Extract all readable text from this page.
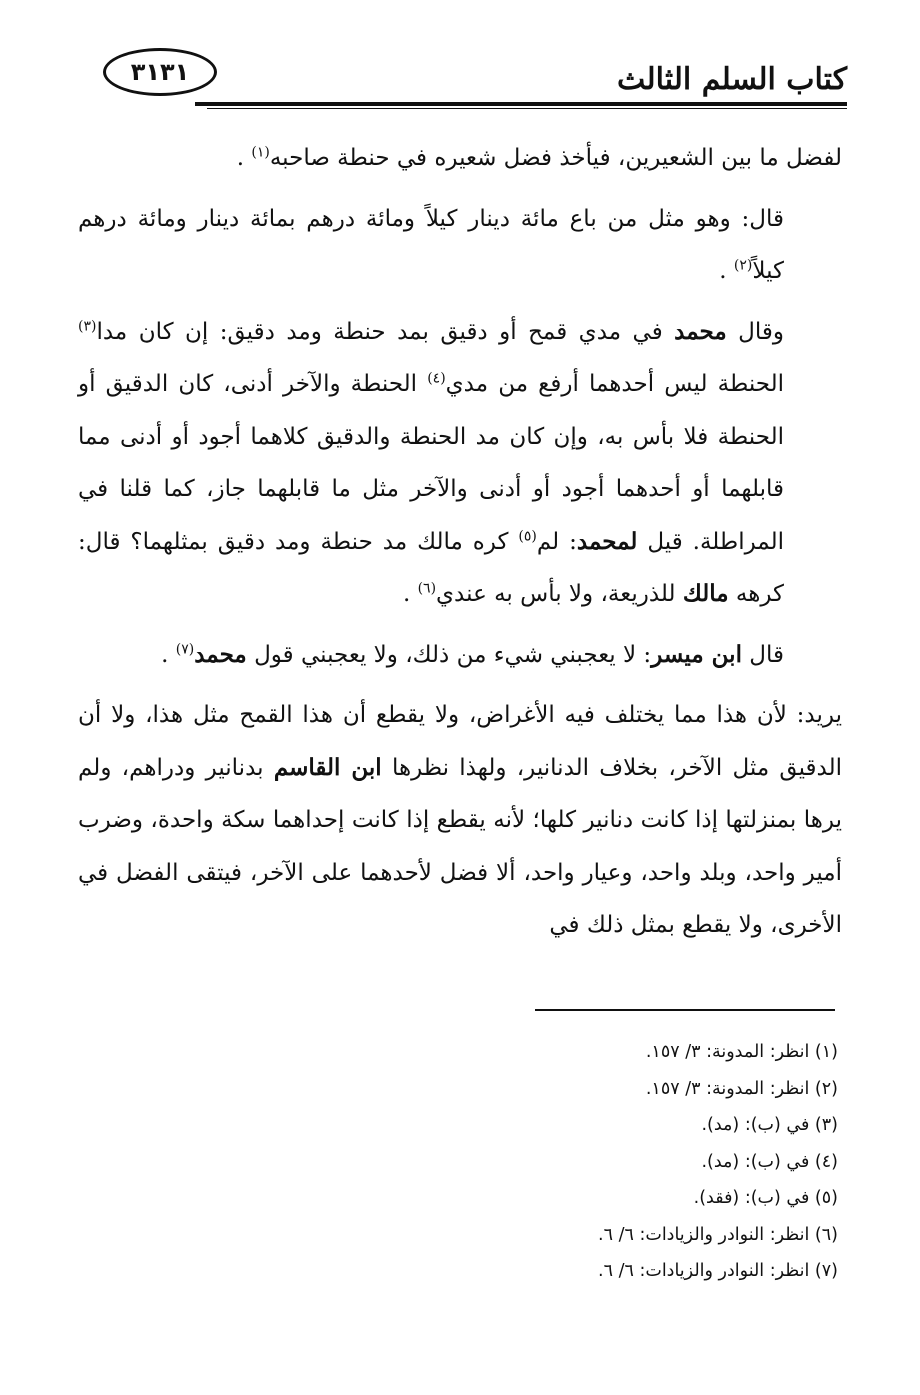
كتاب السلم الثالث
٣١٣١

لفضل ما بين الشعيرين، فيأخذ فضل شعيره في حنطة صاحبه$^{(١)}$ .

قال: وهو مثل من باع مائة دينار كيلاً ومائة درهم بمائة دينار ومائة درهم كيلاً$^{(٢)}$ .

وقال محمد في مدي قمح أو دقيق بمد حنطة ومد دقيق: إن كان مدا$^{(٣)}$ الحنطة ليس أحدهما أرفع من مدي$^{(٤)}$ الحنطة والآخر أدنى، كان الدقيق أو الحنطة فلا بأس به، وإن كان مد الحنطة والدقيق كلاهما أجود أو أدنى مما قابلهما أو أحدهما أجود أو أدنى والآخر مثل ما قابلهما جاز، كما قلنا في المراطلة. قيل لمحمد: لم$^{(٥)}$ كره مالك مد حنطة ومد دقيق بمثلهما؟ قال: كرهه مالك للذريعة، ولا بأس به عندي$^{(٦)}$ .

قال ابن ميسر: لا يعجبني شيء من ذلك، ولا يعجبني قول محمد$^{(٧)}$ .

يريد: لأن هذا مما يختلف فيه الأغراض، ولا يقطع أن هذا القمح مثل هذا، ولا أن الدقيق مثل الآخر، بخلاف الدنانير، ولهذا نظرها ابن القاسم بدنانير ودراهم، ولم يرها بمنزلتها إذا كانت دنانير كلها؛ لأنه يقطع إذا كانت إحداهما سكة واحدة، وضرب أمير واحد، وبلد واحد، وعيار واحد، ألا فضل لأحدهما على الآخر، فيتقى الفضل في الأخرى، ولا يقطع بمثل ذلك في

(١) انظر: المدونة: ٣/ ١٥٧.
(٢) انظر: المدونة: ٣/ ١٥٧.
(٣) في (ب): (مد).
(٤) في (ب): (مد).
(٥) في (ب): (فقد).
(٦) انظر: النوادر والزيادات: ٦/ ٦.
(٧) انظر: النوادر والزيادات: ٦/ ٦.
